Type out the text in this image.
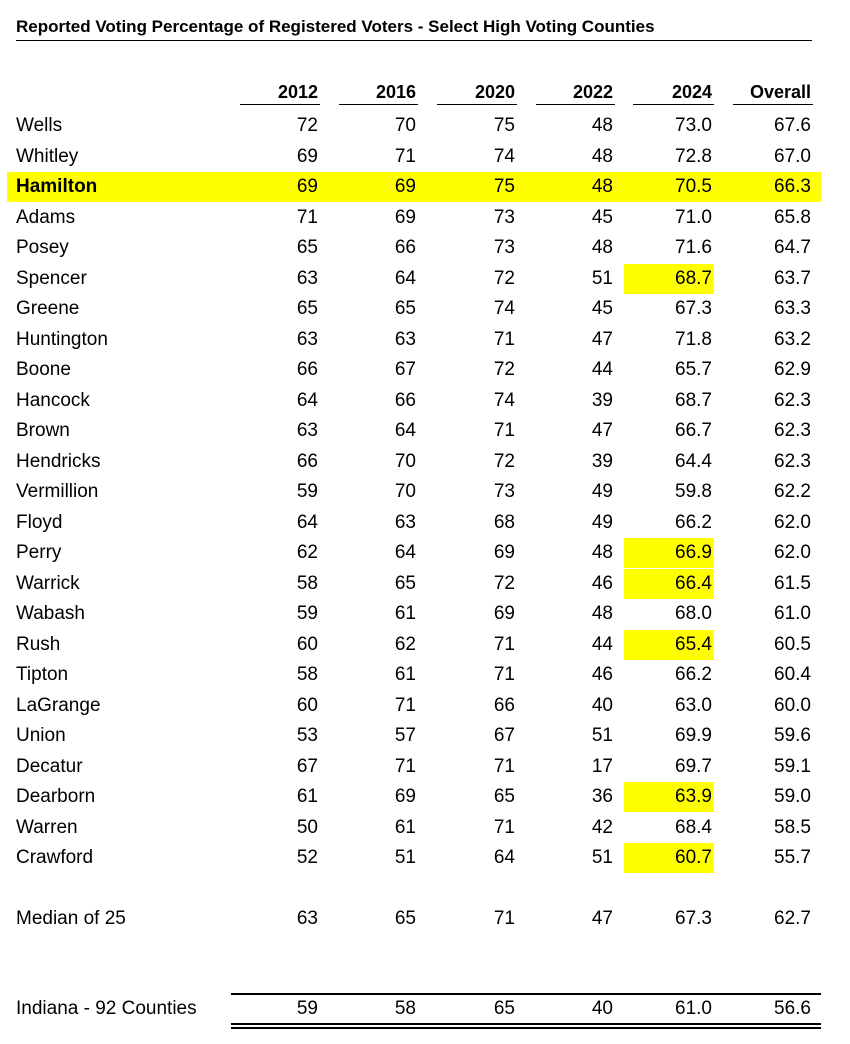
Reported Voting Percentage of Registered Voters - Select High Voting Counties
2012	2016	2020	2022	2024	Overall
Wells	72	70	75	48	73.0	67.6
Whitley	69	71	74	48	72.8	67.0
Hamilton	69	69	75	48	70.5	66.3
Adams	71	69	73	45	71.0	65.8
Posey	65	66	73	48	71.6	64.7
Spencer	63	64	72	51	68.7	63.7
Greene	65	65	74	45	67.3	63.3
Huntington	63	63	71	47	71.8	63.2
Boone	66	67	72	44	65.7	62.9
Hancock	64	66	74	39	68.7	62.3
Brown	63	64	71	47	66.7	62.3
Hendricks	66	70	72	39	64.4	62.3
Vermillion	59	70	73	49	59.8	62.2
Floyd	64	63	68	49	66.2	62.0
Perry	62	64	69	48	66.9	62.0
Warrick	58	65	72	46	66.4	61.5
Wabash	59	61	69	48	68.0	61.0
Rush	60	62	71	44	65.4	60.5
Tipton	58	61	71	46	66.2	60.4
LaGrange	60	71	66	40	63.0	60.0
Union	53	57	67	51	69.9	59.6
Decatur	67	71	71	17	69.7	59.1
Dearborn	61	69	65	36	63.9	59.0
Warren	50	61	71	42	68.4	58.5
Crawford	52	51	64	51	60.7	55.7
Median of 25	63	65	71	47	67.3	62.7
Indiana - 92 Counties	59	58	65	40	61.0	56.6
